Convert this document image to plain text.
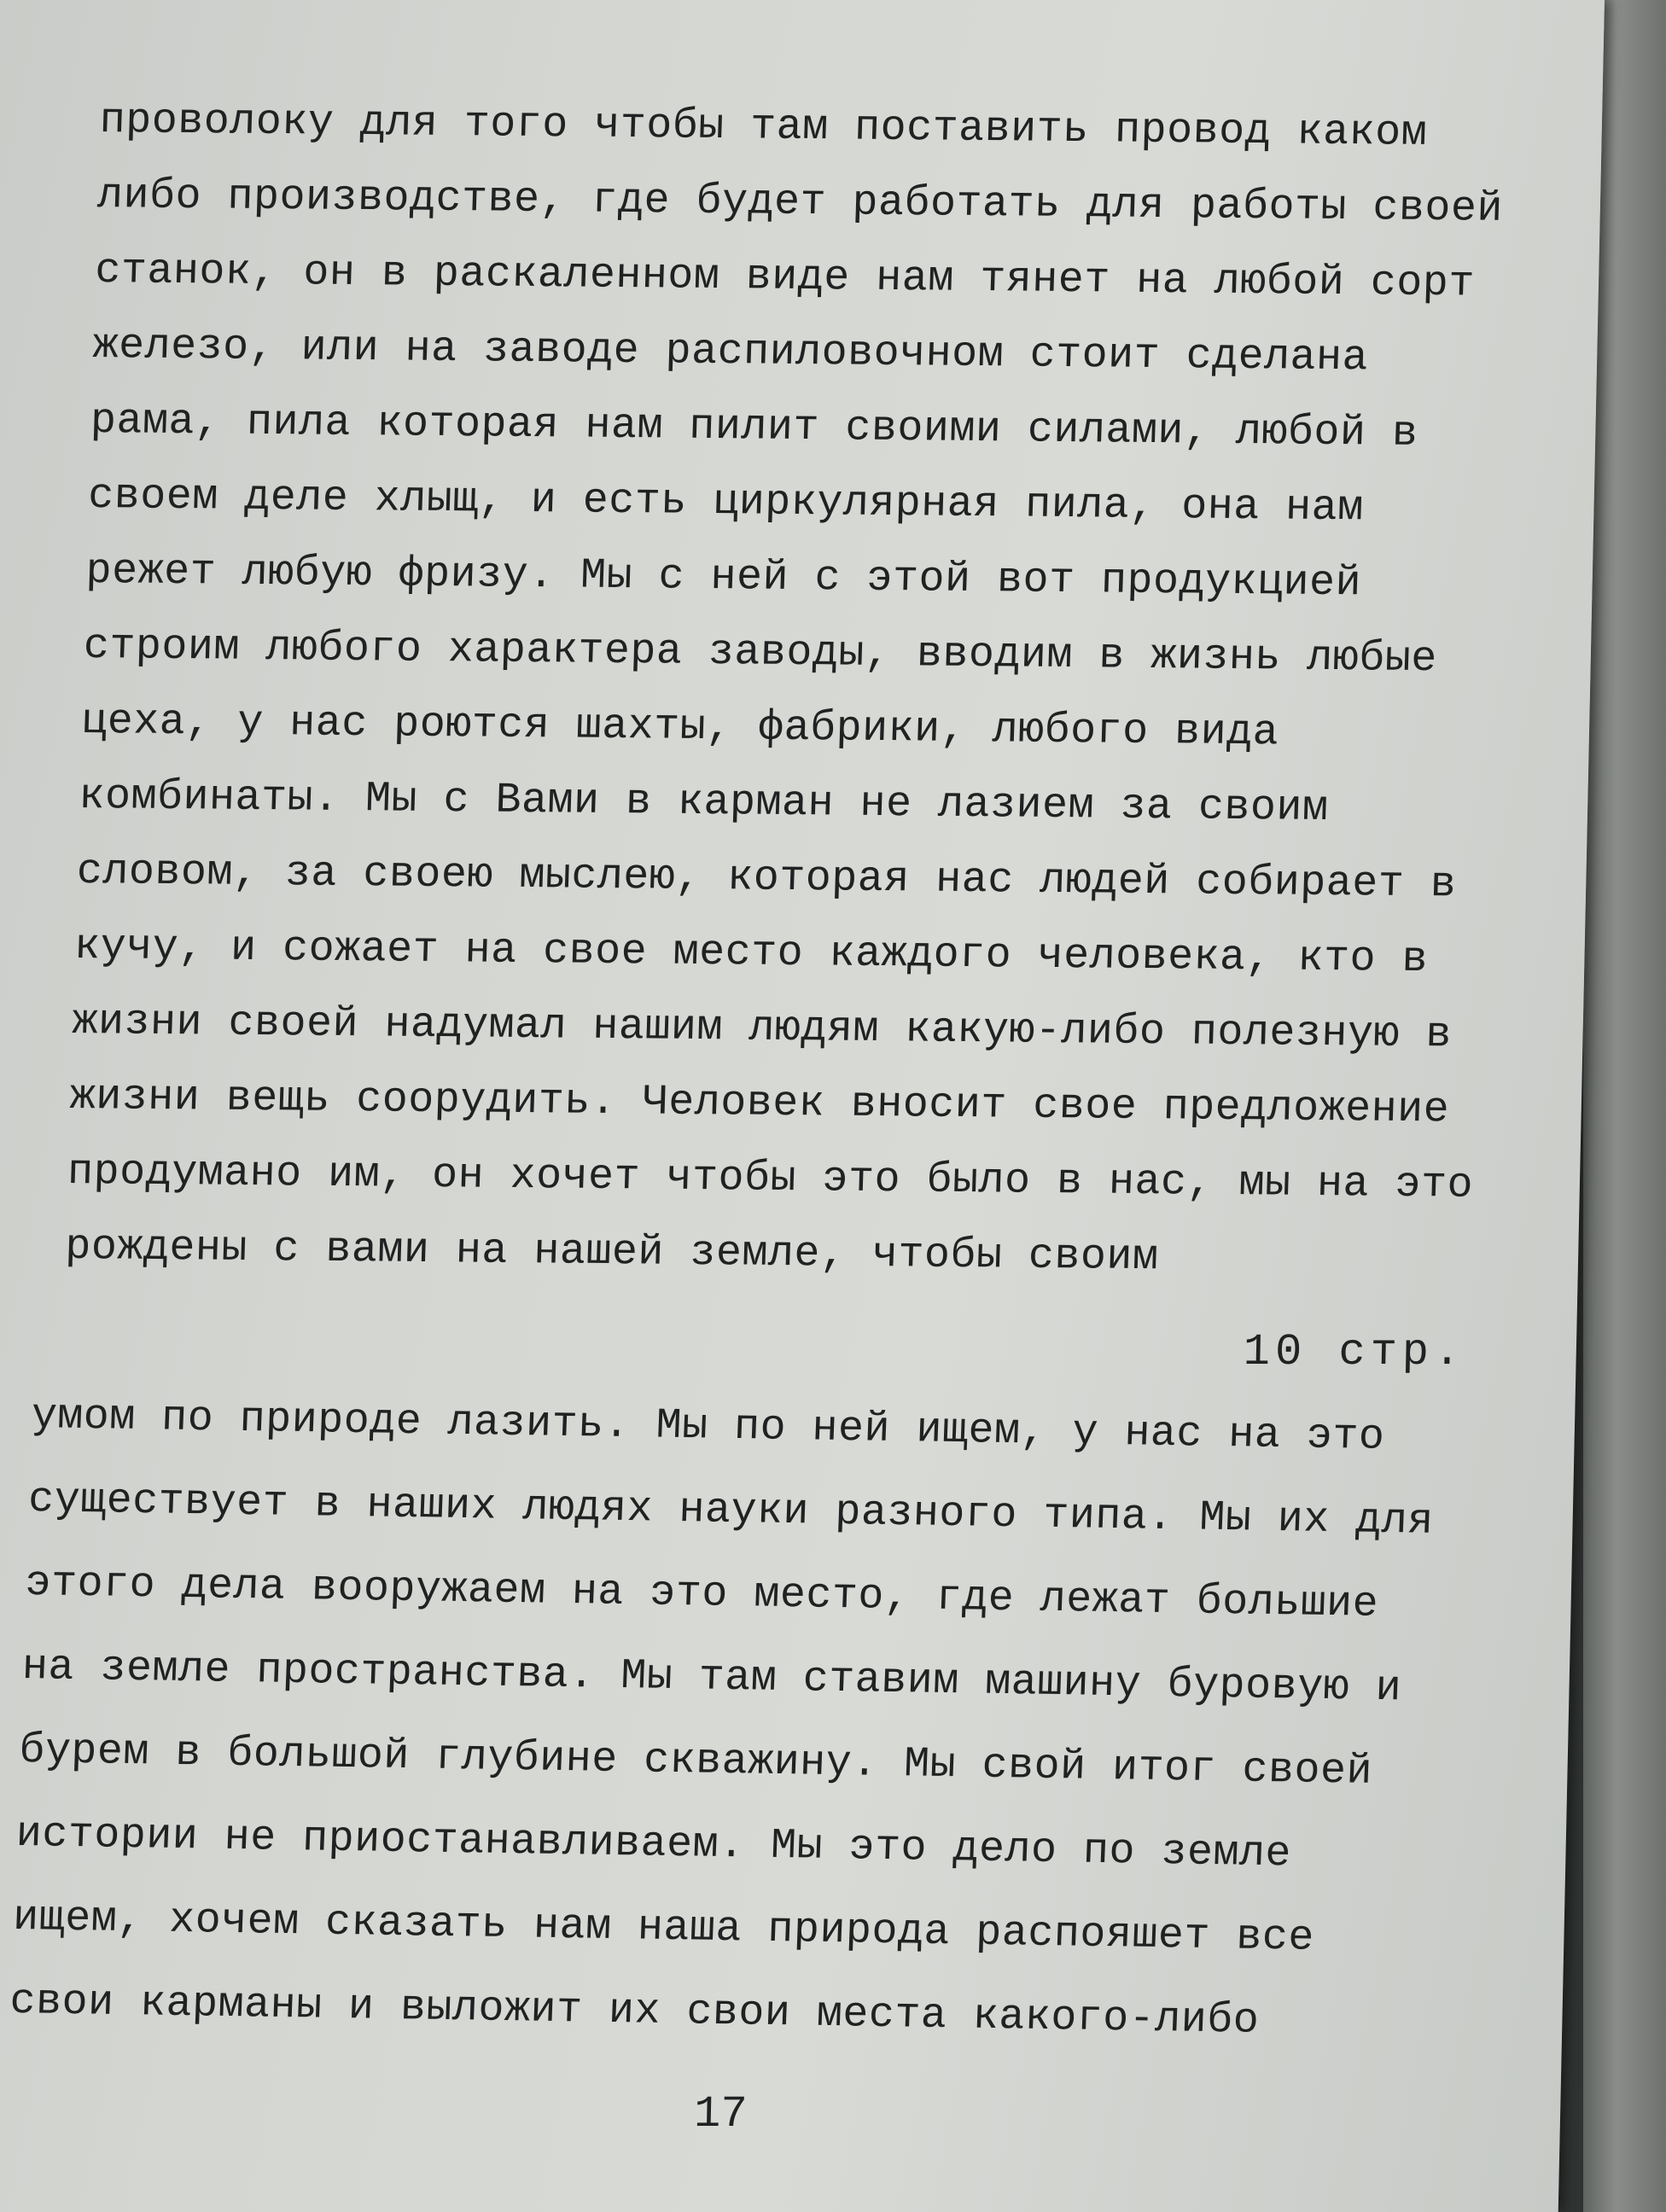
проволоку для того чтобы там поставить провод каком
либо производстве, где будет работать для работы своей
станок, он в раскаленном виде нам тянет на любой сорт
железо, или на заводе распиловочном стоит сделана
рама, пила которая нам пилит своими силами, любой в
своем деле хлыщ, и есть циркулярная пила, она нам
режет любую фризу. Мы с ней с этой вот продукцией
строим любого характера заводы, вводим в жизнь любые
цеха, у нас роются шахты, фабрики, любого вида
комбинаты. Мы с Вами в карман не лазием за своим
словом, за своею мыслею, которая нас людей собирает в
кучу, и сожает на свое место каждого человека, кто в
жизни своей надумал нашим людям какую-либо полезную в
жизни вещь соорудить. Человек вносит свое предложение
продумано им, он хочет чтобы это было в нас, мы на это
рождены с вами на нашей земле, чтобы своим
10 стр.
умом по природе лазить. Мы по ней ищем, у нас на это
существует в наших людях науки разного типа. Мы их для
этого дела вооружаем на это место, где лежат большие
на земле пространства. Мы там ставим машину буровую и
бурем в большой глубине скважину. Мы свой итог своей
истории не приостанавливаем. Мы это дело по земле
ищем, хочем сказать нам наша природа распояшет все
свои карманы и выложит их свои места какого-либо
17
